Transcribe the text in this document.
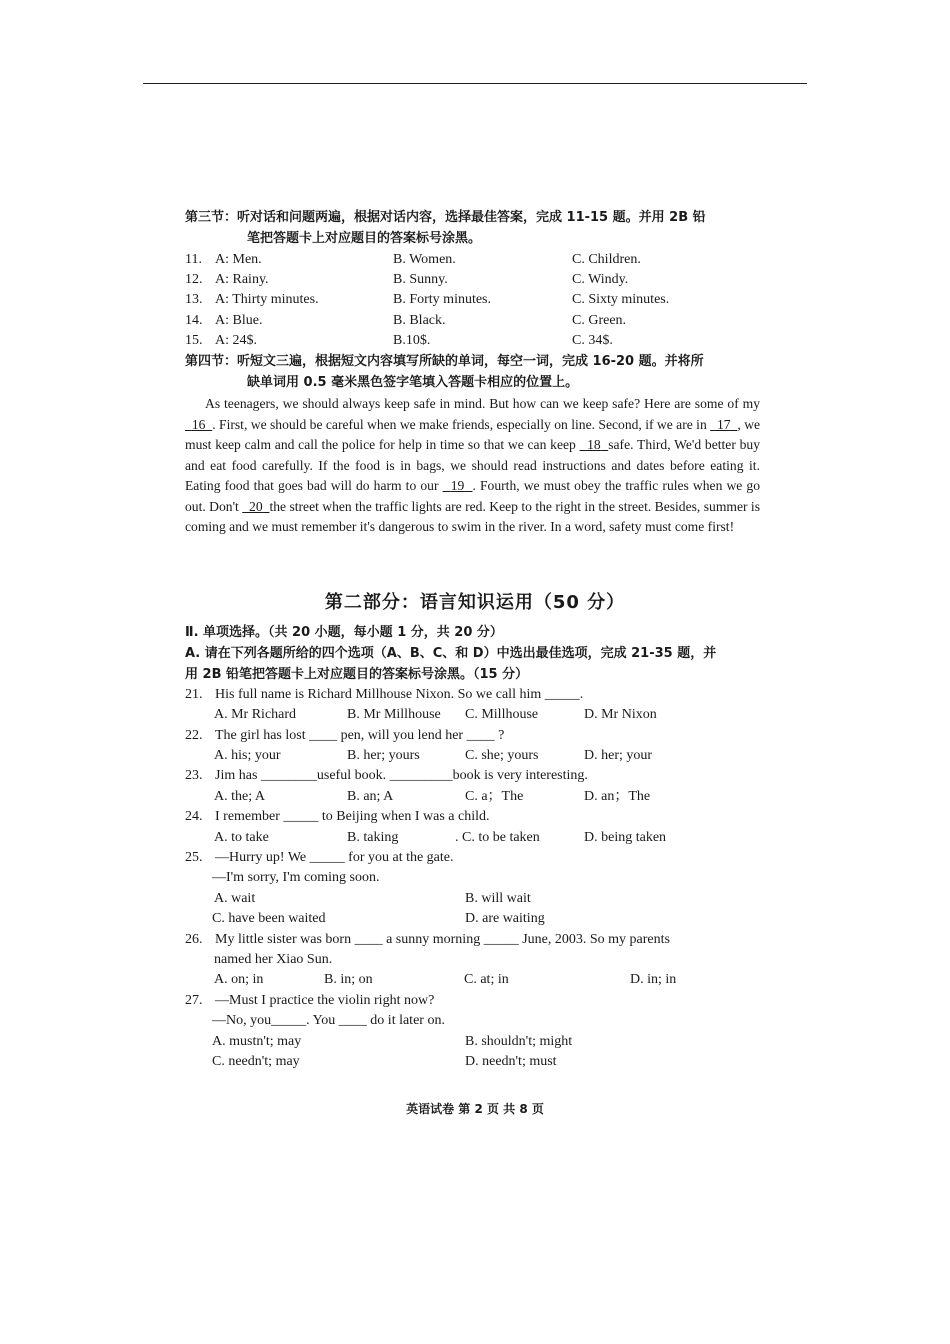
第三节：听对话和问题两遍，根据对话内容，选择最佳答案，完成 11-15 题。并用 2B 铅
笔把答题卡上对应题目的答案标号涂黑。
11. A: Men.	B. Women.	C. Children.
12. A: Rainy.	B. Sunny.	C. Windy.
13. A: Thirty minutes.	B. Forty minutes.	C. Sixty minutes.
14. A: Blue.	B. Black.	C. Green.
15. A: 24$.	B.10$.	C. 34$.
第四节：听短文三遍，根据短文内容填写所缺的单词，每空一词，完成 16-20 题。并将所
缺单词用 0.5 毫米黑色签字笔填入答题卡相应的位置上。
As teenagers, we should always keep safe in mind. But how can we keep safe? Here are some of my   16 . First, we should be careful when we make friends, especially on line. Second, if we are in 17 , we must keep calm and call the police for help in time so that we can keep 18 safe. Third, We'd better buy and eat food carefully. If the food is in bags, we should read instructions and dates before eating it. Eating food that goes bad will do harm to our 19 . Fourth, we must obey the traffic rules when we go out. Don't 20 the street when the traffic lights are red. Keep to the right in the street. Besides, summer is coming and we must remember it's dangerous to swim in the river. In a word, safety must come first!
第二部分：语言知识运用（50 分）
Ⅱ. 单项选择。（共 20 小题，每小题 1 分，共 20 分）
A. 请在下列各题所给的四个选项（A、B、C、和 D）中选出最佳选项，完成 21-35 题，并
用 2B 铅笔把答题卡上对应题目的答案标号涂黑。（15 分）
21. His full name is Richard Millhouse Nixon. So we call him _____.
A. Mr Richard	B. Mr Millhouse C. Millhouse	D. Mr Nixon
22. The girl has lost ____ pen, will you lend her ____ ?
A. his; your	B. her; yours	C. she; yours	D. her; your
23. Jim has ________useful book. _________book is very interesting.
A. the; A	B. an; A	C. a；The	D. an；The
24. I remember _____ to Beijing when I was a child.
A. to take	B. taking	. C. to be taken	D. being taken
25. —Hurry up! We _____ for you at the gate.
—I'm sorry, I'm coming soon.
A. wait	B. will wait
C. have been waited	D. are waiting
26. My little sister was born ____ a sunny morning _____ June, 2003. So my parents
named her Xiao Sun.
A. on; in	B. in; on	C. at; in	D. in; in
27. —Must I practice the violin right now?
—No, you_____. You ____ do it later on.
A. mustn't; may	B. shouldn't; might
C. needn't; may	D. needn't; must
英语试卷 第 2 页 共 8 页
